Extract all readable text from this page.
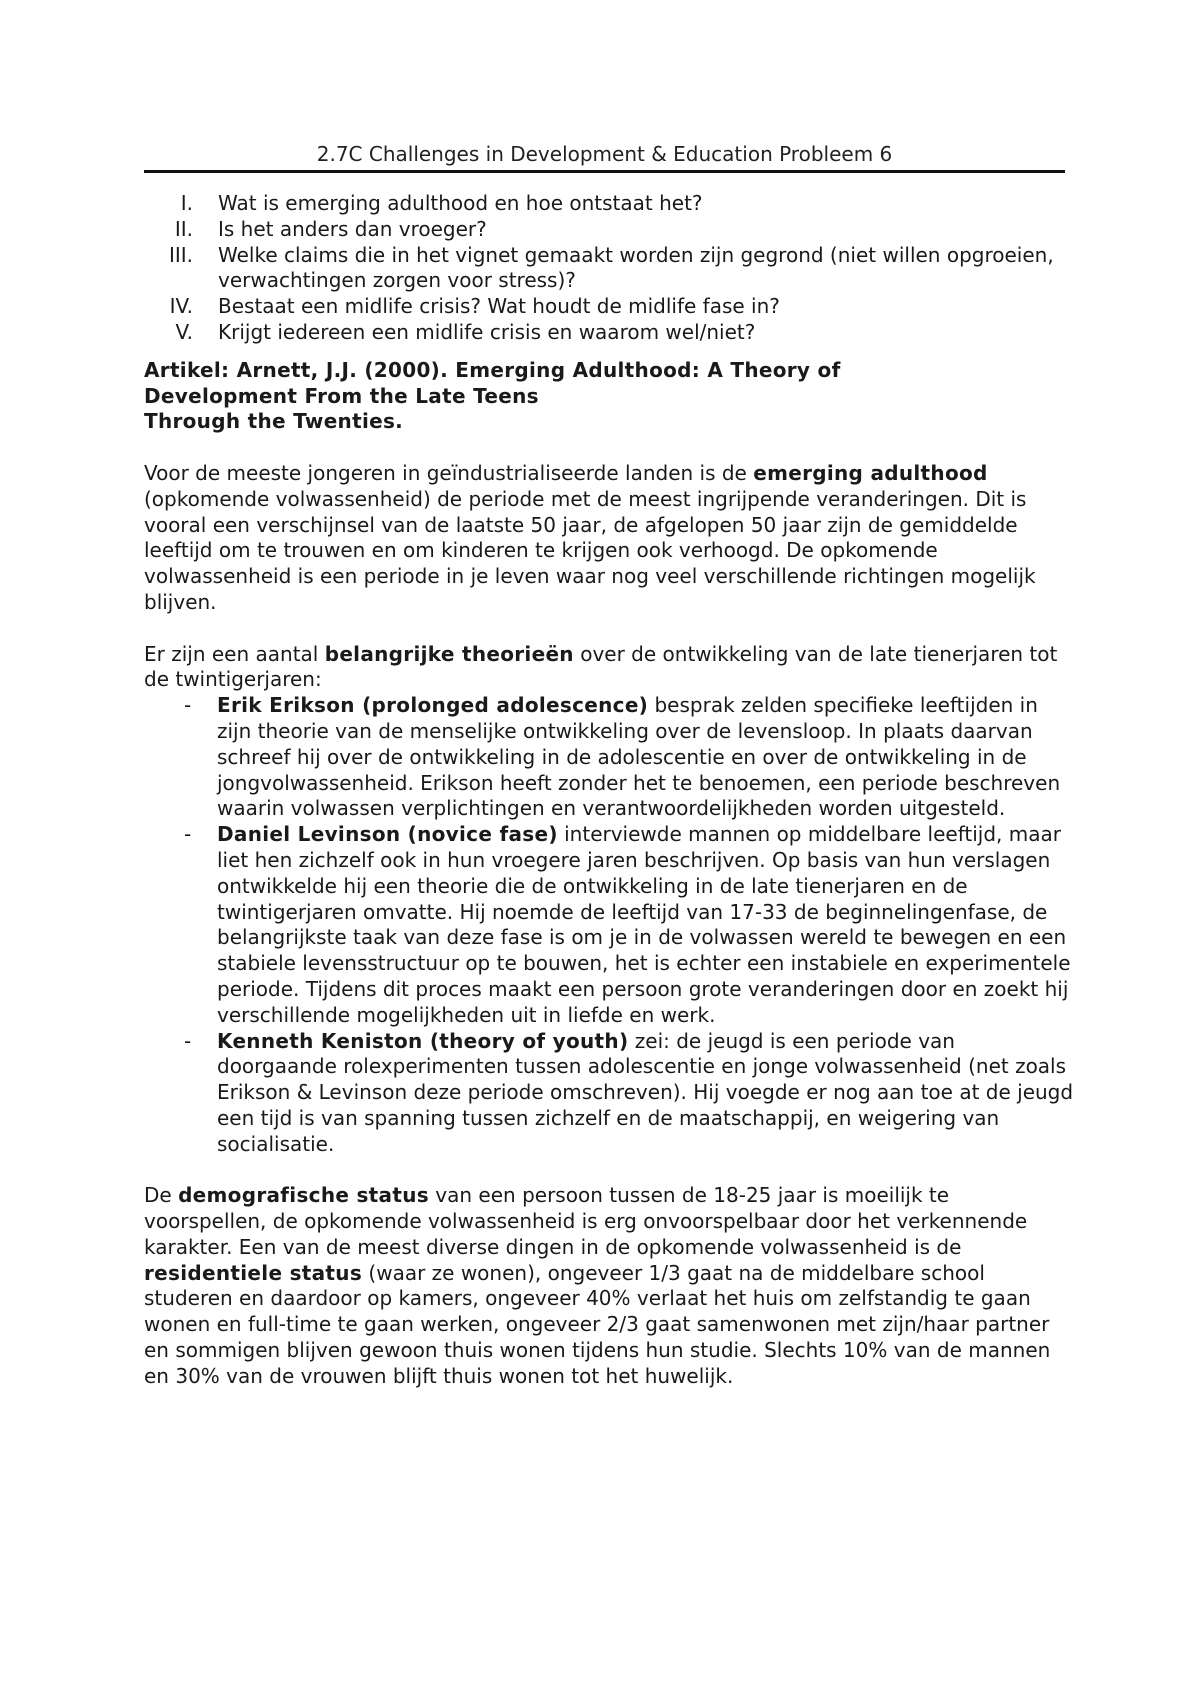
2.7C Challenges in Development & Education Probleem 6
I.	Wat is emerging adulthood en hoe ontstaat het?
II.	Is het anders dan vroeger?
III.	Welke claims die in het vignet gemaakt worden zijn gegrond (niet willen opgroeien, verwachtingen zorgen voor stress)?
IV.	Bestaat een midlife crisis? Wat houdt de midlife fase in?
V.	Krijgt iedereen een midlife crisis en waarom wel/niet?
Artikel: Arnett, J.J. (2000). Emerging Adulthood: A Theory of
Development From the Late Teens
Through the Twenties.

Voor de meeste jongeren in geïndustrialiseerde landen is de emerging adulthood (opkomende volwassenheid) de periode met de meest ingrijpende veranderingen. Dit is vooral een verschijnsel van de laatste 50 jaar, de afgelopen 50 jaar zijn de gemiddelde leeftijd om te trouwen en om kinderen te krijgen ook verhoogd. De opkomende volwassenheid is een periode in je leven waar nog veel verschillende richtingen mogelijk blijven.

Er zijn een aantal belangrijke theorieën over de ontwikkeling van de late tienerjaren tot de twintigerjaren:

-	Erik Erikson (prolonged adolescence) besprak zelden specifieke leeftijden in zijn theorie van de menselijke ontwikkeling over de levensloop. In plaats daarvan schreef hij over de ontwikkeling in de adolescentie en over de ontwikkeling in de jongvolwassenheid. Erikson heeft zonder het te benoemen, een periode beschreven waarin volwassen verplichtingen en verantwoordelijkheden worden uitgesteld.
-	Daniel Levinson (novice fase) interviewde mannen op middelbare leeftijd, maar liet hen zichzelf ook in hun vroegere jaren beschrijven. Op basis van hun verslagen ontwikkelde hij een theorie die de ontwikkeling in de late tienerjaren en de twintigerjaren omvatte. Hij noemde de leeftijd van 17-33 de beginnelingenfase, de belangrijkste taak van deze fase is om je in de volwassen wereld te bewegen en een stabiele levensstructuur op te bouwen, het is echter een instabiele en experimentele periode. Tijdens dit proces maakt een persoon grote veranderingen door en zoekt hij verschillende mogelijkheden uit in liefde en werk.
-	Kenneth Keniston (theory of youth) zei: de jeugd is een periode van doorgaande rolexperimenten tussen adolescentie en jonge volwassenheid (net zoals Erikson & Levinson deze periode omschreven). Hij voegde er nog aan toe at de jeugd een tijd is van spanning tussen zichzelf en de maatschappij, en weigering van socialisatie.

De demografische status van een persoon tussen de 18-25 jaar is moeilijk te voorspellen, de opkomende volwassenheid is erg onvoorspelbaar door het verkennende karakter. Een van de meest diverse dingen in de opkomende volwassenheid is de residentiele status (waar ze wonen), ongeveer 1/3 gaat na de middelbare school studeren en daardoor op kamers, ongeveer 40% verlaat het huis om zelfstandig te gaan wonen en full-time te gaan werken, ongeveer 2/3 gaat samenwonen met zijn/haar partner en sommigen blijven gewoon thuis wonen tijdens hun studie. Slechts 10% van de mannen en 30% van de vrouwen blijft thuis wonen tot het huwelijk.
